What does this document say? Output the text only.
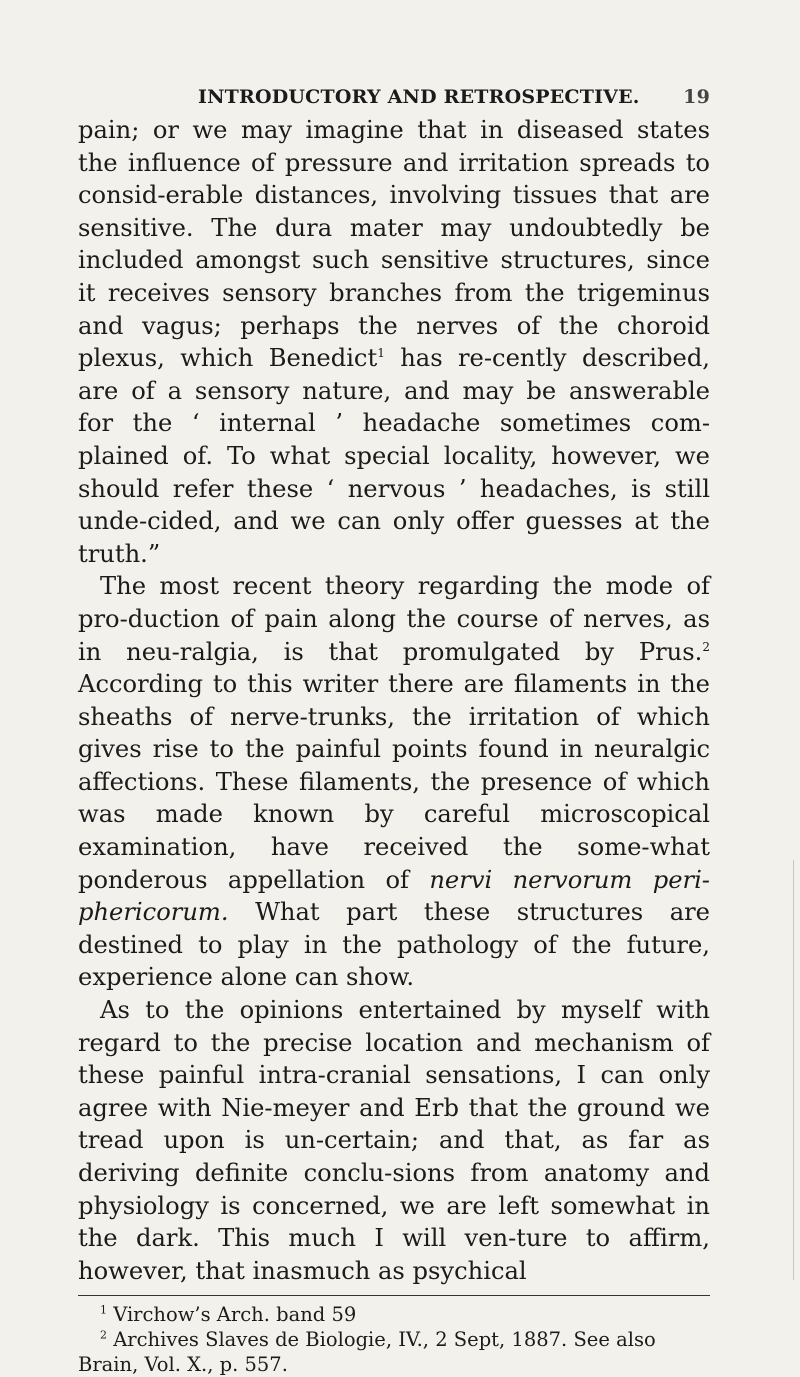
INTRODUCTORY AND RETROSPECTIVE. 19

pain; or we may imagine that in diseased states the influence of pressure and irritation spreads to consid-erable distances, involving tissues that are sensitive. The dura mater may undoubtedly be included amongst such sensitive structures, since it receives sensory branches from the trigeminus and vagus; perhaps the nerves of the choroid plexus, which Benedict$^1$ has re-cently described, are of a sensory nature, and may be answerable for the ‘ internal ’ headache sometimes com-plained of. To what special locality, however, we should refer these ‘ nervous ’ headaches, is still unde-cided, and we can only offer guesses at the truth.”

The most recent theory regarding the mode of pro-duction of pain along the course of nerves, as in neu-ralgia, is that promulgated by Prus.$^2$ According to this writer there are filaments in the sheaths of nerve-trunks, the irritation of which gives rise to the painful points found in neuralgic affections. These filaments, the presence of which was made known by careful microscopical examination, have received the some-what ponderous appellation of nervi nervorum peri-phericorum. What part these structures are destined to play in the pathology of the future, experience alone can show.

As to the opinions entertained by myself with regard to the precise location and mechanism of these painful intra-cranial sensations, I can only agree with Nie-meyer and Erb that the ground we tread upon is un-certain; and that, as far as deriving definite conclu-sions from anatomy and physiology is concerned, we are left somewhat in the dark. This much I will ven-ture to affirm, however, that inasmuch as psychical

$^1$ Virchow’s Arch. band 59

$^2$ Archives Slaves de Biologie, IV., 2 Sept, 1887. See also Brain, Vol. X., p. 557.
